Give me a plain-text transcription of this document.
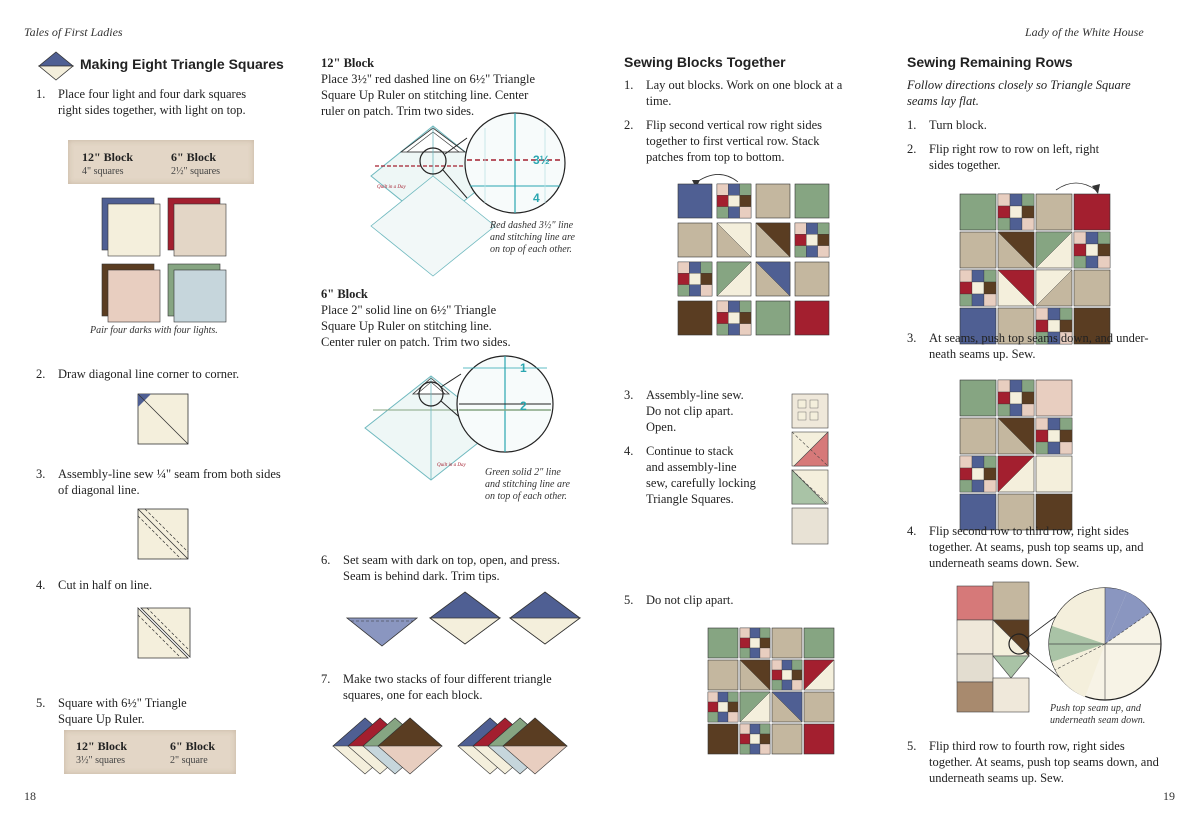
Tales of First Ladies	Lady of the White House
18	19
Making Eight Triangle Squares
1. Place four light and four dark squares
right sides together, with light on top.
12" Block
4" squares
6" Block
2½" squares
Pair four darks with four lights.
2. Draw diagonal line corner to corner.
3. Assembly-line sew ¼" seam from both sides
of diagonal line.
4. Cut in half on line.
5. Square with 6½" Triangle
Square Up Ruler.
12" Block
3½" squares
6" Block
2" square
12" Block
Place 3½" red dashed line on 6½" Triangle
Square Up Ruler on stitching line. Center
ruler on patch. Trim two sides.
Quilt in a Day
3½
4
Red dashed 3½" line
and stitching line are
on top of each other.
6" Block
Place 2" solid line on 6½" Triangle
Square Up Ruler on stitching line.
Center ruler on patch. Trim two sides.
Quilt in a Day
1
2
Green solid 2" line
and stitching line are
on top of each other.
6. Set seam with dark on top, open, and press.
Seam is behind dark. Trim tips.
7. Make two stacks of four different triangle
squares, one for each block.
Sewing Blocks Together
1. Lay out blocks. Work on one block at a
time.
2. Flip second vertical row right sides
together to first vertical row. Stack
patches from top to bottom.
3. Assembly-line sew.
Do not clip apart.
Open.
4. Continue to stack
and assembly-line
sew, carefully locking
Triangle Squares.
5. Do not clip apart.
Sewing Remaining Rows
Follow directions closely so Triangle Square
seams lay flat.
1. Turn block.
2. Flip right row to row on left, right
sides together.
3. At seams, push top seams down, and under-
neath seams up. Sew.
4. Flip second row to third row, right sides
together. At seams, push top seams up, and
underneath seams down. Sew.
Push top seam up, and
underneath seam down.
5. Flip third row to fourth row, right sides
together. At seams, push top seams down, and
underneath seams up. Sew.
